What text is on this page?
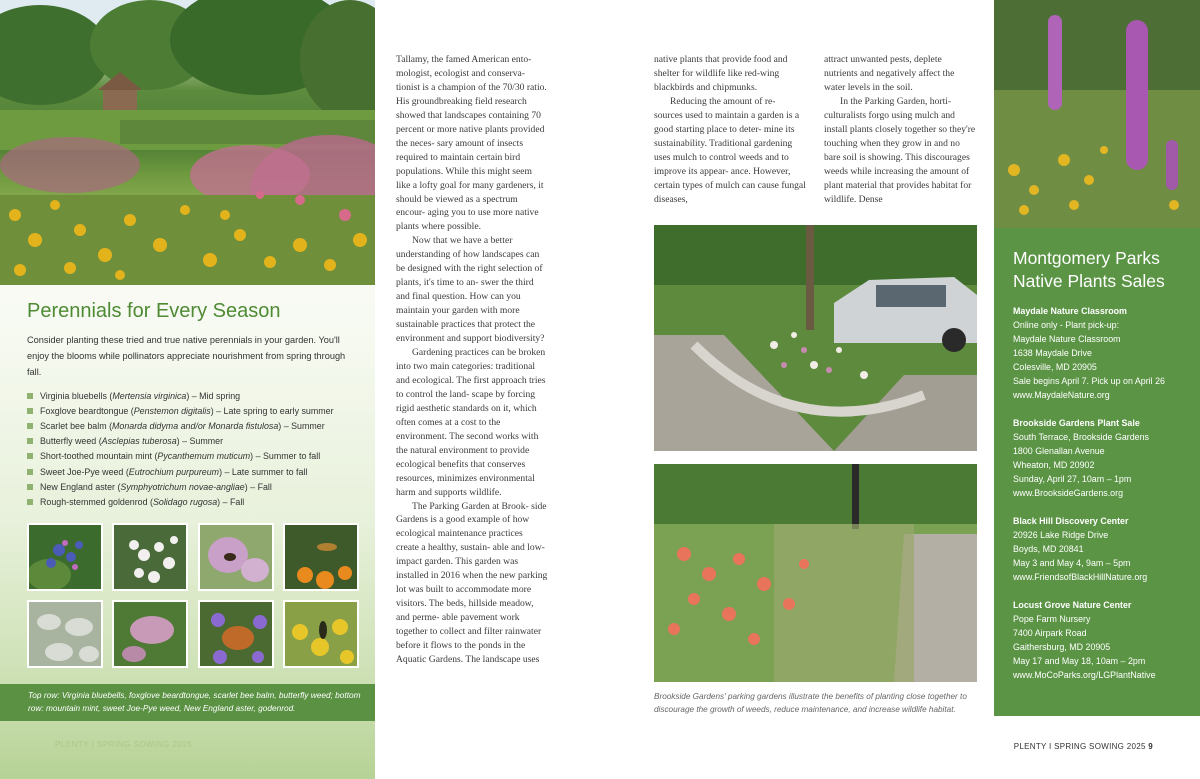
Perennials for Every Season
Consider planting these tried and true native perennials in your garden. You'll enjoy the blooms while pollinators appreciate nourishment from spring through fall.
Virginia bluebells (Mertensia virginica) – Mid spring
Foxglove beardtongue (Penstemon digitalis) – Late spring to early summer
Scarlet bee balm (Monarda didyma and/or Monarda fistulosa) – Summer
Butterfly weed (Asclepias tuberosa) – Summer
Short-toothed mountain mint (Pycanthemum muticum) – Summer to fall
Sweet Joe-Pye weed (Eutrochium purpureum) – Late summer to fall
New England aster (Symphyotrichum novae-angliae) – Fall
Rough-stemmed goldenrod (Solidago rugosa) – Fall
Top row: Virginia bluebells, foxglove beardtongue, scarlet bee balm, butterfly weed; bottom row: mountain mint, sweet Joe-Pye weed, New England aster, godenrod.
PLENTY | SPRING SOWING 2025

Tallamy, the famed American ento- mologist, ecologist and conserva- tionist is a champion of the 70/30 ratio. His groundbreaking field research showed that landscapes containing 70 percent or more native plants provided the neces- sary amount of insects required to maintain certain bird populations. While this might seem like a lofty goal for many gardeners, it should be viewed as a spectrum encour- aging you to use more native plants where possible.

Now that we have a better understanding of how landscapes can be designed with the right selection of plants, it's time to an- swer the third and final question. How can you maintain your garden with more sustainable practices that protect the environment and support biodiversity?

Gardening practices can be broken into two main categories: traditional and ecological. The first approach tries to control the land- scape by forcing rigid aesthetic standards on it, which often comes at a cost to the environment. The second works with the natural environment to provide ecological benefits that conserves resources, minimizes environmental harm and supports wildlife.

The Parking Garden at Brook- side Gardens is a good example of how ecological maintenance practices create a healthy, sustain- able and low-impact garden. This garden was installed in 2016 when the new parking lot was built to accommodate more visitors. The beds, hillside meadow, and perme- able pavement work together to collect and filter rainwater before it flows to the ponds in the Aquatic Gardens. The landscape uses

native plants that provide food and shelter for wildlife like red-wing blackbirds and chipmunks.

Reducing the amount of re- sources used to maintain a garden is a good starting place to deter- mine its sustainability. Traditional gardening uses mulch to control weeds and to improve its appear- ance. However, certain types of mulch can cause fungal diseases,

attract unwanted pests, deplete nutrients and negatively affect the water levels in the soil.

In the Parking Garden, horti- culturalists forgo using mulch and install plants closely together so they're touching when they grow in and no bare soil is showing. This discourages weeds while increasing the amount of plant material that provides habitat for wildlife. Dense

Brookside Gardens' parking gardens illustrate the benefits of planting close together to discourage the growth of weeds, reduce maintenance, and increase wildlife habitat.
Montgomery Parks Native Plants Sales
Maydale Nature Classroom
Online only - Plant pick-up:
Maydale Nature Classroom
1638 Maydale Drive
Colesville, MD 20905
Sale begins April 7. Pick up on April 26
www.MaydaleNature.org
Brookside Gardens Plant Sale
South Terrace, Brookside Gardens
1800 Glenallan Avenue
Wheaton, MD 20902
Sunday, April 27, 10am – 1pm
www.BrooksideGardens.org
Black Hill Discovery Center
20926 Lake Ridge Drive
Boyds, MD 20841
May 3 and May 4, 9am – 5pm
www.FriendsofBlackHillNature.org
Locust Grove Nature Center
Pope Farm Nursery
7400 Airpark Road
Gaithersburg, MD 20905
May 17 and May 18, 10am – 2pm
www.MoCoParks.org/LGPlantNative
PLENTY I SPRING SOWING 2025 9
